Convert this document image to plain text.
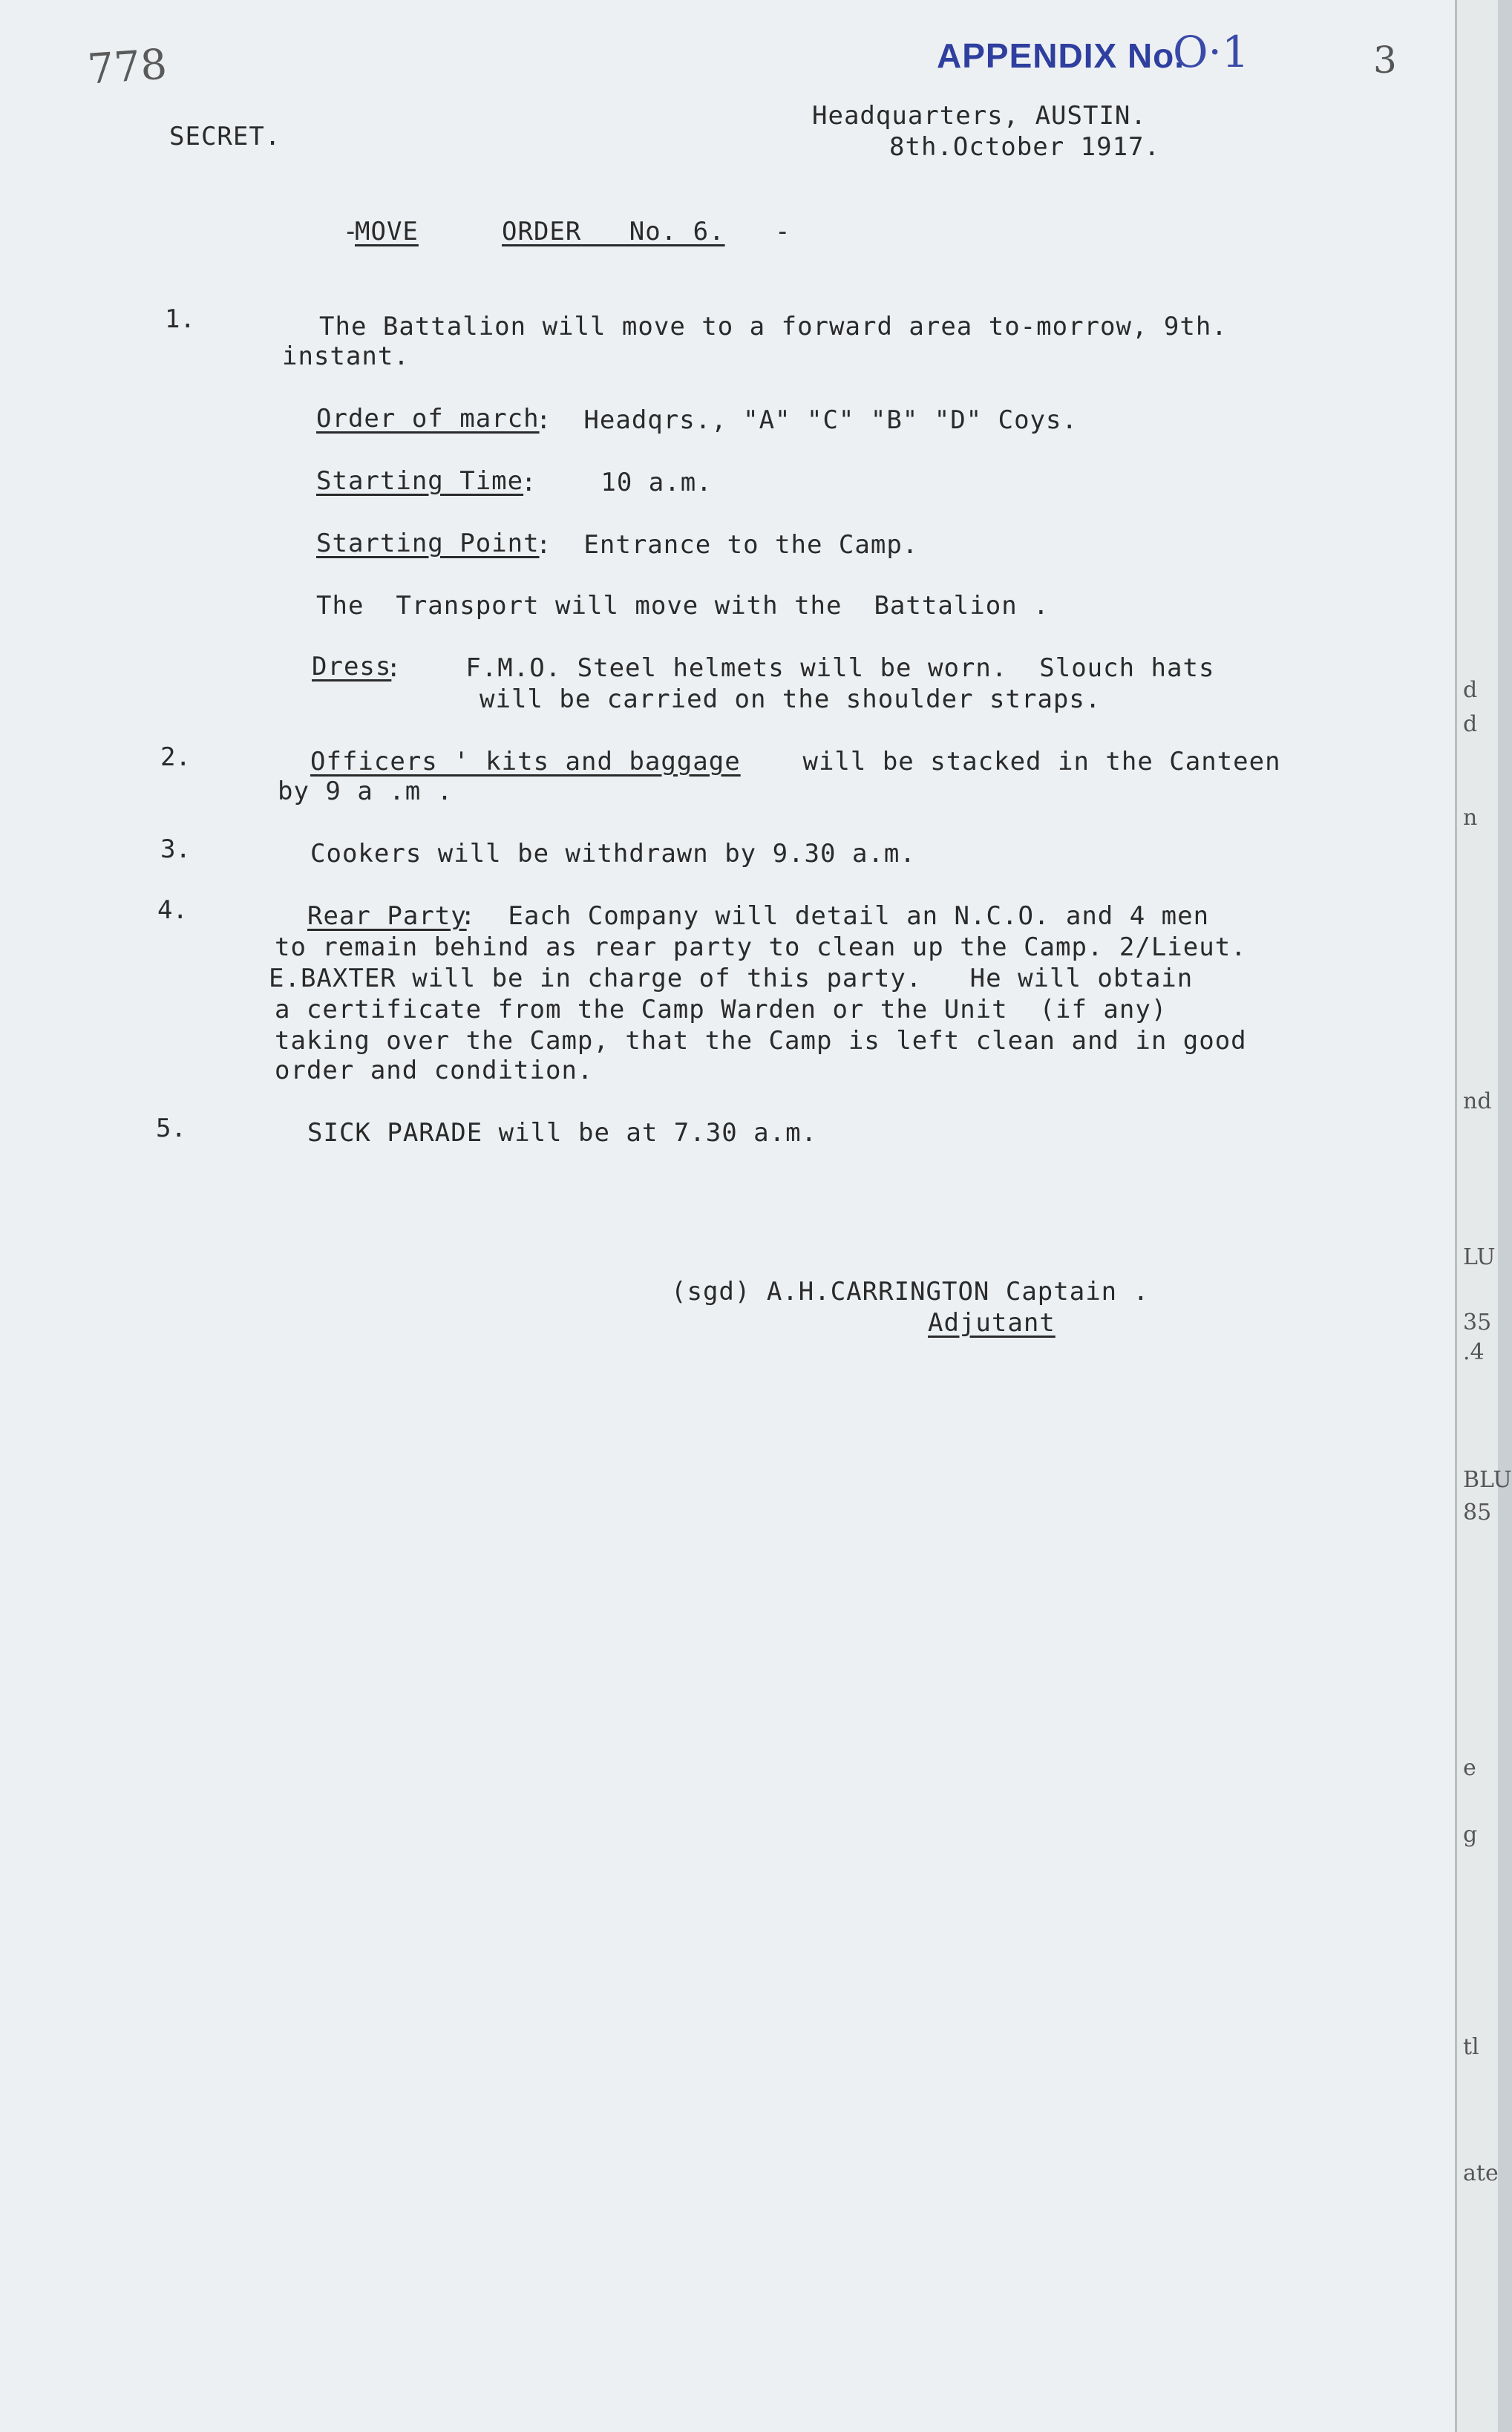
778	APPENDIX No.
O·1	3
SECRET.
Headquarters, AUSTIN.
8th.October 1917.
-
MOVE	ORDER   No. 6. -
1.	The Battalion will move to a forward area to-morrow, 9th.
instant.
Order of march
:  Headqrs., "A" "C" "B" "D" Coys.
Starting Time
:    10 a.m.
Starting Point
:  Entrance to the Camp.
The  Transport will move with the  Battalion .
Dress
:    F.M.O. Steel helmets will be worn.  Slouch hats
will be carried on the shoulder straps.
2.	Officers ' kits and baggage will be stacked in the Canteen
by 9 a .m .
3.	Cookers will be withdrawn by 9.30 a.m.
4.	Rear Party
:  Each Company will detail an N.C.O. and 4 men
to remain behind as rear party to clean up the Camp. 2/Lieut.
E.BAXTER will be in charge of this party.   He will obtain
a certificate from the Camp Warden or the Unit  (if any)
taking over the Camp, that the Camp is left clean and in good
order and condition.
5.	SICK PARADE will be at 7.30 a.m.
(sgd) A.H.CARRINGTON Captain .
Adjutant
d
d
n
nd
LU
35
.4
BLU
85
e
g
tl
ate
